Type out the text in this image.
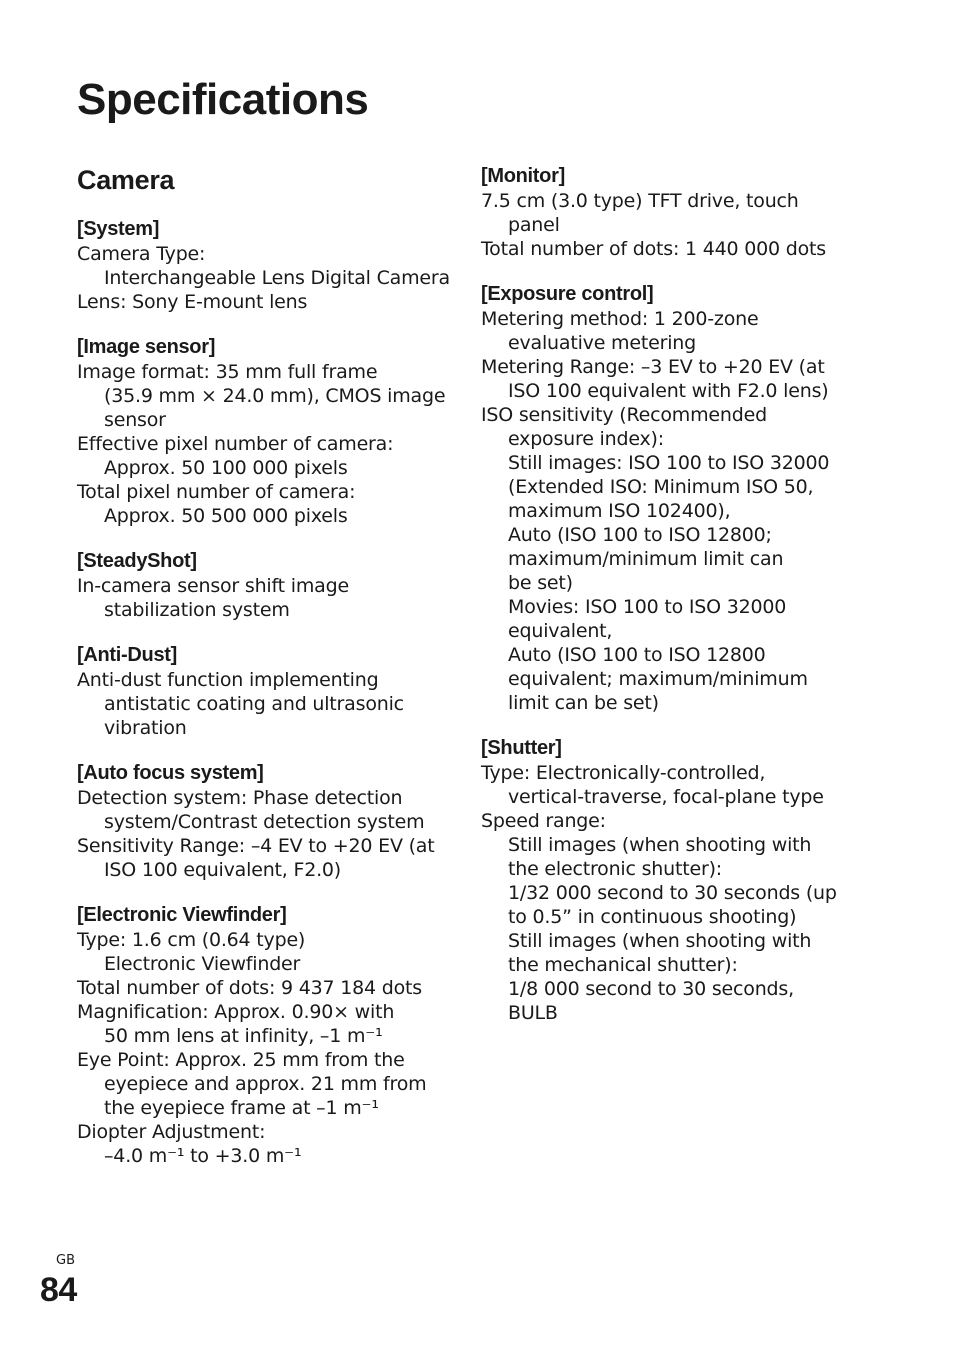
Specifications
Camera
[System]
Camera Type:
Interchangeable Lens Digital Camera
Lens: Sony E-mount lens
[Image sensor]
Image format: 35 mm full frame
(35.9 mm × 24.0 mm), CMOS image
sensor
Effective pixel number of camera:
Approx. 50 100 000 pixels
Total pixel number of camera:
Approx. 50 500 000 pixels
[SteadyShot]
In-camera sensor shift image
stabilization system
[Anti-Dust]
Anti-dust function implementing
antistatic coating and ultrasonic
vibration
[Auto focus system]
Detection system: Phase detection
system/Contrast detection system
Sensitivity Range: –4 EV to +20 EV (at
ISO 100 equivalent, F2.0)
[Electronic Viewfinder]
Type: 1.6 cm (0.64 type)
Electronic Viewfinder
Total number of dots: 9 437 184 dots
Magnification: Approx. 0.90× with
50 mm lens at infinity, –1 m⁻¹
Eye Point: Approx. 25 mm from the
eyepiece and approx. 21 mm from
the eyepiece frame at –1 m⁻¹
Diopter Adjustment:
–4.0 m⁻¹ to +3.0 m⁻¹
[Monitor]
7.5 cm (3.0 type) TFT drive, touch
panel
Total number of dots: 1 440 000 dots
[Exposure control]
Metering method: 1 200-zone
evaluative metering
Metering Range: –3 EV to +20 EV (at
ISO 100 equivalent with F2.0 lens)
ISO sensitivity (Recommended
exposure index):
Still images: ISO 100 to ISO 32000
(Extended ISO: Minimum ISO 50,
maximum ISO 102400),
Auto (ISO 100 to ISO 12800;
maximum/minimum limit can
be set)
Movies: ISO 100 to ISO 32000
equivalent,
Auto (ISO 100 to ISO 12800
equivalent; maximum/minimum
limit can be set)
[Shutter]
Type: Electronically-controlled,
vertical-traverse, focal-plane type
Speed range:
Still images (when shooting with
the electronic shutter):
1/32 000 second to 30 seconds (up
to 0.5” in continuous shooting)
Still images (when shooting with
the mechanical shutter):
1/8 000 second to 30 seconds,
BULB
GB
84
